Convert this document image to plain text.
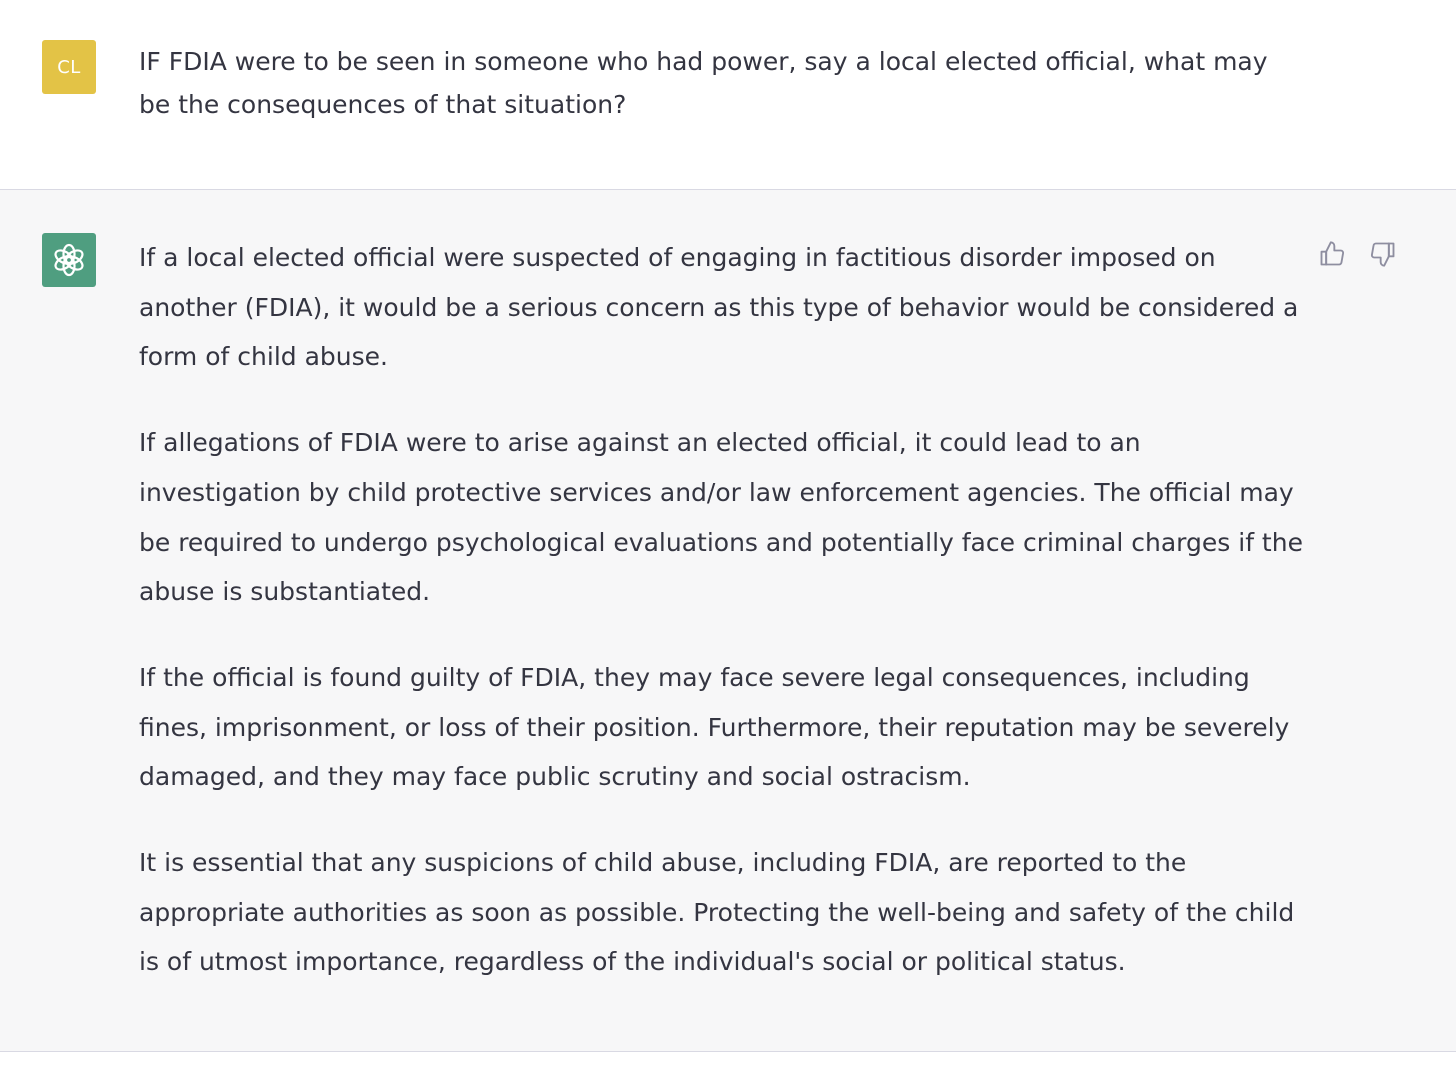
CL IF FDIA were to be seen in someone who had power, say a local elected official, what may be the consequences of that situation?

If a local elected official were suspected of engaging in factitious disorder imposed on another (FDIA), it would be a serious concern as this type of behavior would be considered a form of child abuse.

If allegations of FDIA were to arise against an elected official, it could lead to an investigation by child protective services and/or law enforcement agencies. The official may be required to undergo psychological evaluations and potentially face criminal charges if the abuse is substantiated.

If the official is found guilty of FDIA, they may face severe legal consequences, including fines, imprisonment, or loss of their position. Furthermore, their reputation may be severely damaged, and they may face public scrutiny and social ostracism.

It is essential that any suspicions of child abuse, including FDIA, are reported to the appropriate authorities as soon as possible. Protecting the well-being and safety of the child is of utmost importance, regardless of the individual's social or political status.
